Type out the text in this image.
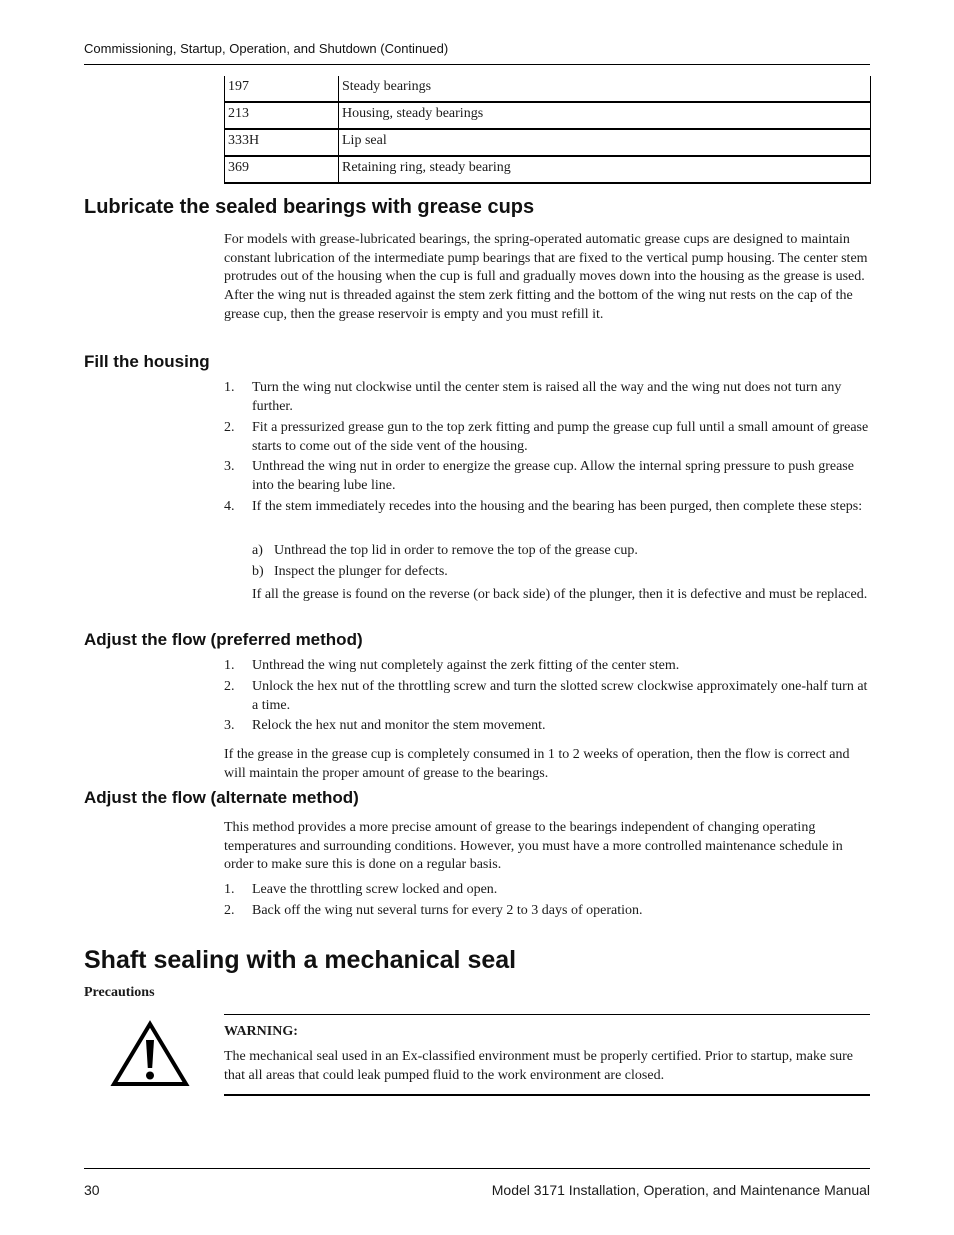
Commissioning, Startup, Operation, and Shutdown (Continued)
197	Steady bearings
213	Housing, steady bearings
333H	Lip seal
369	Retaining ring, steady bearing
Lubricate the sealed bearings with grease cups

For models with grease-lubricated bearings, the spring-operated automatic grease cups are designed to maintain constant lubrication of the intermediate pump bearings that are fixed to the vertical pump housing. The center stem protrudes out of the housing when the cup is full and gradually moves down into the housing as the grease is used. After the wing nut is threaded against the stem zerk fitting and the bottom of the wing nut rests on the cap of the grease cup, then the grease reservoir is empty and you must refill it.

Fill the housing
1. Turn the wing nut clockwise until the center stem is raised all the way and the wing nut does not turn any further.
2. Fit a pressurized grease gun to the top zerk fitting and pump the grease cup full until a small amount of grease starts to come out of the side vent of the housing.
3. Unthread the wing nut in order to energize the grease cup. Allow the internal spring pressure to push grease into the bearing lube line.
4. If the stem immediately recedes into the housing and the bearing has been purged, then complete these steps:
a) Unthread the top lid in order to remove the top of the grease cup.
b) Inspect the plunger for defects.

If all the grease is found on the reverse (or back side) of the plunger, then it is defective and must be replaced.

Adjust the flow (preferred method)
1. Unthread the wing nut completely against the zerk fitting of the center stem.
2. Unlock the hex nut of the throttling screw and turn the slotted screw clockwise approximately one-half turn at a time.
3. Relock the hex nut and monitor the stem movement.

If the grease in the grease cup is completely consumed in 1 to 2 weeks of operation, then the flow is correct and will maintain the proper amount of grease to the bearings.

Adjust the flow (alternate method)

This method provides a more precise amount of grease to the bearings independent of changing operating temperatures and surrounding conditions. However, you must have a more controlled maintenance schedule in order to make sure this is done on a regular basis.

1. Leave the throttling screw locked and open.
2. Back off the wing nut several turns for every 2 to 3 days of operation.
Shaft sealing with a mechanical seal

Precautions

WARNING:

The mechanical seal used in an Ex-classified environment must be properly certified. Prior to startup, make sure that all areas that could leak pumped fluid to the work environment are closed.

30	Model 3171 Installation, Operation, and Maintenance Manual
